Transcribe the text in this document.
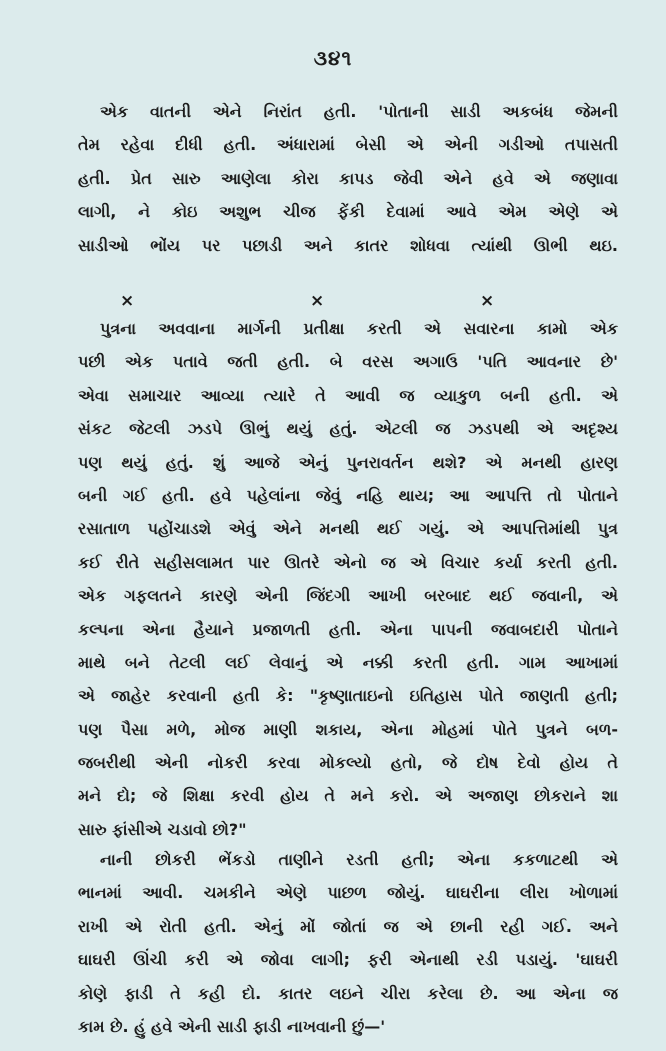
૩૪૧
એક વાતની એને નિરાંત હતી. 'પોતાની સાડી અકબંધ જેમની
તેમ રહેવા દીધી હતી. અંધારામાં બેસી એ એની ગડીઓ તપાસતી
હતી. પ્રેત સારુ આણેલા કોરા કાપડ જેવી એને હવે એ જણાવા
લાગી, ને કોઇ અશુભ ચીજ ફેંકી દેવામાં આવે એમ એણે એ
સાડીઓ ભોંય પર પછાડી અને કાતર શોધવા ત્યાંથી ઊભી થઇ.
×	×	×
પુત્રના અવવાના માર્ગની પ્રતીક્ષા કરતી એ સવારના કામો એક
પછી એક પતાવે જતી હતી. બે વરસ અગાઉ 'પતિ આવનાર છે'
એવા સમાચાર આવ્યા ત્યારે તે આવી જ વ્યાકુળ બની હતી. એ
સંકટ જેટલી ઝડપે ઊભું થયું હતું. એટલી જ ઝડપથી એ અદૃશ્ય
પણ થયું હતું. શું આજે એનું પુનરાવર્તન થશે? એ મનથી હારણ
બની ગઈ હતી. હવે પહેલાંના જેવું નહિ થાય; આ આપત્તિ તો પોતાને
રસાતાળ પહોંચાડશે એવું એને મનથી થઈ ગયું. એ આપત્તિમાંથી પુત્ર
કઈ રીતે સહીસલામત પાર ઊતરે એનો જ એ વિચાર કર્યા કરતી હતી.
એક ગફલતને કારણે એની જિંદગી આખી બરબાદ થઈ જવાની, એ
કલ્પના એના હૈયાને પ્રજાળતી હતી. એના પાપની જવાબદારી પોતાને
માથે બને તેટલી લઈ લેવાનું એ નક્કી કરતી હતી. ગામ આખામાં
એ જાહેર કરવાની હતી કે: "કૃષ્ણાતાઇનો ઇતિહાસ પોતે જાણતી હતી;
પણ પૈસા મળે, મોજ માણી શકાય, એના મોહમાં પોતે પુત્રને બળ-
જબરીથી એની નોકરી કરવા મોકલ્યો હતો, જે દોષ દેવો હોય તે
મને દો; જે શિક્ષા કરવી હોય તે મને કરો. એ અજાણ છોકરાને શા
સારુ ફાંસીએ ચડાવો છો?"
નાની છોકરી ભેંકડો તાણીને રડતી હતી; એના કકળાટથી એ
ભાનમાં આવી. ચમકીને એણે પાછળ જોયું. ઘાઘરીના લીરા ખોળામાં
રાખી એ રોતી હતી. એનું મોં જોતાં જ એ છાની રહી ગઈ. અને
ઘાઘરી ઊંચી કરી એ જોવા લાગી; ફરી એનાથી રડી પડાયું. 'ઘાઘરી
કોણે ફાડી તે કહી દો. કાતર લઇને ચીરા કરેલા છે. આ એના જ
કામ છે. હું હવે એની સાડી ફાડી નાખવાની છું—'
